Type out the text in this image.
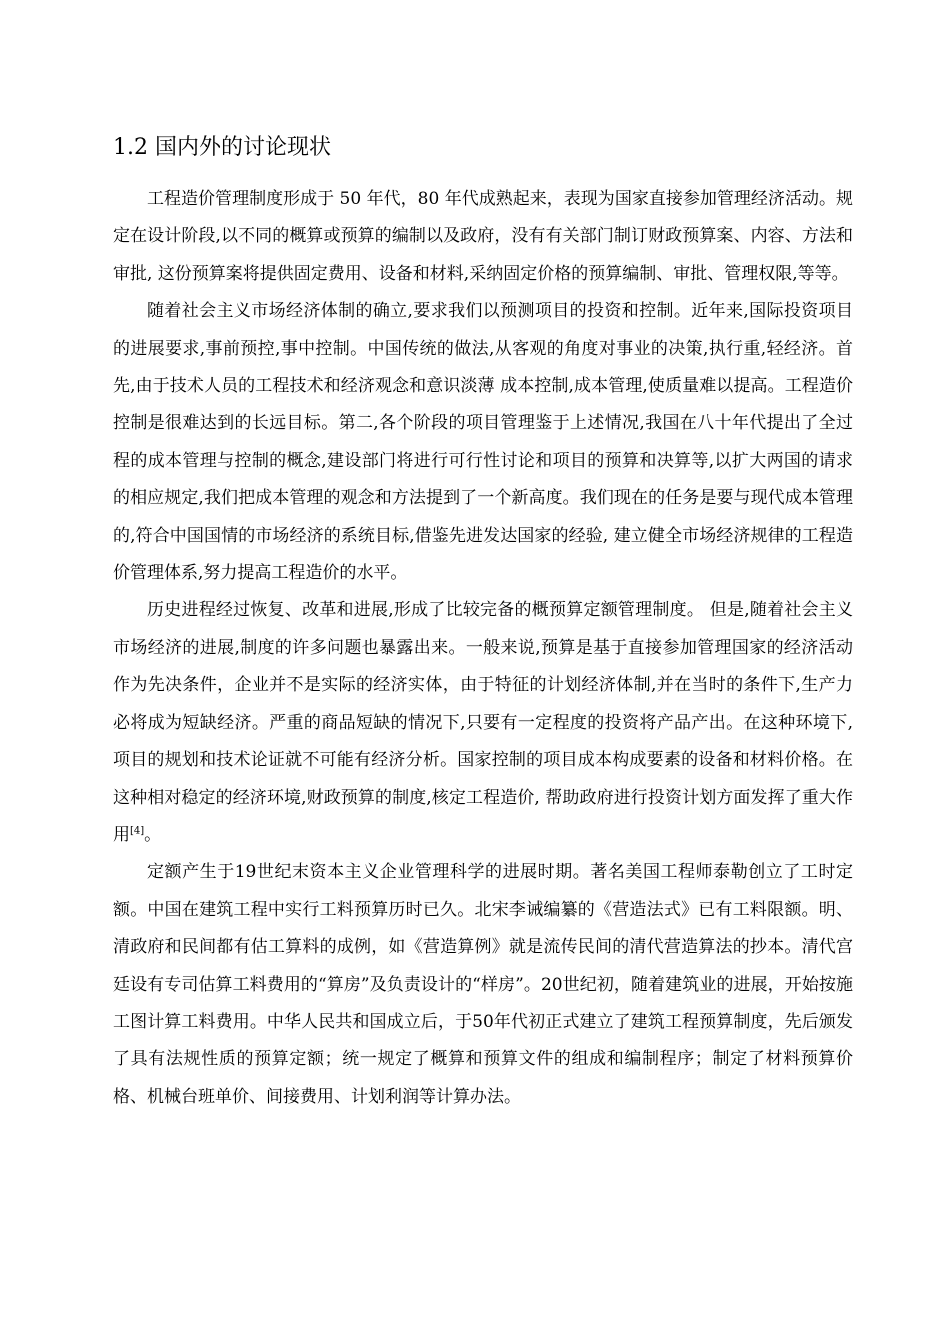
1.2 国内外的讨论现状

工程造价管理制度形成于 50 年代，80 年代成熟起来，表现为国家直接参加管理经济活动。规定在设计阶段,以不同的概算或预算的编制以及政府，没有有关部门制订财政预算案、内容、方法和审批, 这份预算案将提供固定费用、设备和材料,采纳固定价格的预算编制、审批、管理权限,等等。

随着社会主义市场经济体制的确立,要求我们以预测项目的投资和控制。近年来,国际投资项目的进展要求,事前预控,事中控制。中国传统的做法,从客观的角度对事业的决策,执行重,轻经济。首先,由于技术人员的工程技术和经济观念和意识淡薄 成本控制,成本管理,使质量难以提高。工程造价控制是很难达到的长远目标。第二,各个阶段的项目管理鉴于上述情况,我国在八十年代提出了全过程的成本管理与控制的概念,建设部门将进行可行性讨论和项目的预算和决算等,以扩大两国的请求的相应规定,我们把成本管理的观念和方法提到了一个新高度。我们现在的任务是要与现代成本管理的,符合中国国情的市场经济的系统目标,借鉴先进发达国家的经验, 建立健全市场经济规律的工程造价管理体系,努力提高工程造价的水平。

历史进程经过恢复、改革和进展,形成了比较完备的概预算定额管理制度。 但是,随着社会主义市场经济的进展,制度的许多问题也暴露出来。一般来说,预算是基于直接参加管理国家的经济活动作为先决条件，企业并不是实际的经济实体，由于特征的计划经济体制,并在当时的条件下,生产力必将成为短缺经济。严重的商品短缺的情况下,只要有一定程度的投资将产品产出。在这种环境下,项目的规划和技术论证就不可能有经济分析。国家控制的项目成本构成要素的设备和材料价格。在这种相对稳定的经济环境,财政预算的制度,核定工程造价, 帮助政府进行投资计划方面发挥了重大作用[4]。

定额产生于19世纪末资本主义企业管理科学的进展时期。著名美国工程师泰勒创立了工时定额。中国在建筑工程中实行工料预算历时已久。北宋李诫编纂的《营造法式》已有工料限额。明、清政府和民间都有估工算料的成例，如《营造算例》就是流传民间的清代营造算法的抄本。清代宫廷设有专司估算工料费用的“算房”及负责设计的“样房”。20世纪初，随着建筑业的进展，开始按施工图计算工料费用。中华人民共和国成立后，于50年代初正式建立了建筑工程预算制度，先后颁发了具有法规性质的预算定额；统一规定了概算和预算文件的组成和编制程序；制定了材料预算价格、机械台班单价、间接费用、计划利润等计算办法。
